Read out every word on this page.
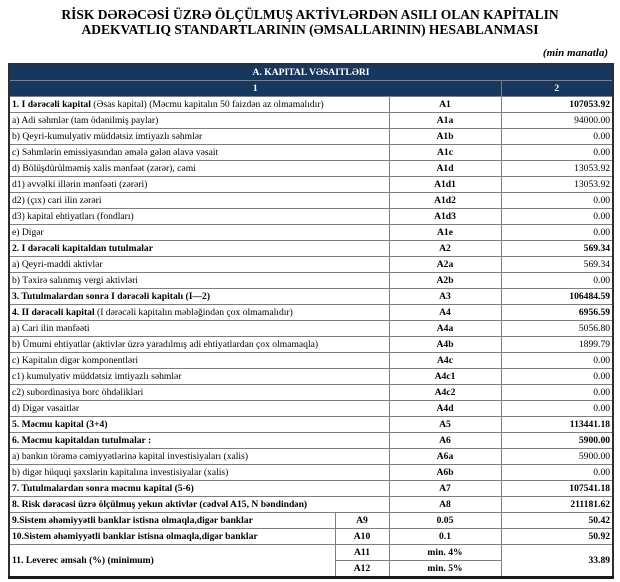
RİSK DƏRƏCƏSİ ÜZRƏ ÖLÇÜLMUŞ AKTİVLƏRDƏN ASILI OLAN KAPİTALIN
ADEKVATLIQ STANDARTLARININ (ƏMSALLARININ) HESABLANMASI
(min manatla)
A. KAPITAL VƏSAITLƏRI			
1			2
1. I dərəcəli kapital (Əsas kapital) (Məcmu kapitalın 50 faizdən az olmamalıdır)		A1	107053.92
a) Adi səhmlər (tam ödənilmiş paylar)		A1a	94000.00
b) Qeyri-kumulyativ müddətsiz imtiyazlı səhmlər		A1b	0.00
c) Səhmlərin emissiyasından əmələ gələn əlavə vəsait		A1c	0.00
d) Bölüşdürülməmiş xalis mənfəət (zərər), cəmi		A1d	13053.92
d1) əvvəlki illərin mənfəəti (zərəri)		A1d1	13053.92
d2) (çıx) cari ilin zərəri		A1d2	0.00
d3) kapital ehtiyatları (fondları)		A1d3	0.00
e) Digər		A1e	0.00
2. I dərəcəli kapitaldan tutulmalar		A2	569.34
a) Qeyri-maddi aktivlər		A2a	569.34
b) Təxirə salınmış vergi aktivləri		A2b	0.00
3. Tutulmalardan sonra I dərəcəli kapitalı (I—2)		A3	106484.59
4. II dərəcəli kapital (I dərəcəli kapitalın məbləğindən çox olmamalıdır)		A4	6956.59
a) Cari ilin mənfəəti		A4a	5056.80
b) Ümumi ehtiyatlar (aktivlər üzrə yaradılmış adi ehtiyatlardan çox olmamaqla)		A4b	1899.79
c) Kapitalın digər komponentləri		A4c	0.00
c1) kumulyativ müddətsiz imtiyazlı səhmlər		A4c1	0.00
c2) subordinasiya borc öhdəlikləri		A4c2	0.00
d) Digər vəsaitlər		A4d	0.00
5. Məcmu kapital (3+4)		A5	113441.18
6. Məcmu kapitaldan tutulmalar :		A6	5900.00
a) bankın törəmə cəmiyyətlərinə kapital investisiyaları (xalis)		A6a	5900.00
b) digər hüquqi şəxslərin kapitalına investisiyalar (xalis)		A6b	0.00
7. Tutulmalardan sonra məcmu kapital (5-6)		A7	107541.18
8. Risk dərəcəsi üzrə ölçülmuş yekun aktivlər (cədvəl A15, N bəndindən)		A8	211181.62
9.Sistem əhəmiyyətli banklar istisna olmaqla,digər banklar	A9	0.05	50.42
10.Sistem əhəmiyyətli banklar istisna olmaqla,digər banklar	A10	0.1	50.92
11. Leverec əmsalı (%) (minimum)	A11	min. 4%	33.89
	A12	min. 5%	
